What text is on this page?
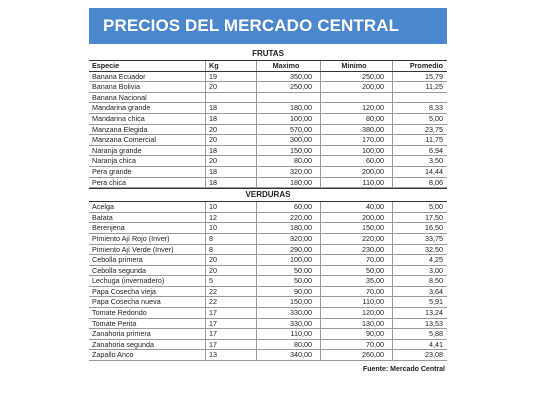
PRECIOS DEL MERCADO CENTRAL
FRUTAS
Especie	Kg	Maximo	Minimo	Promedio
Banana Ecuador	19	350,00	250,00	15,79
Banana Bolivia	20	250,00	200,00	11,25
Banana Nacional				
Mandarina grande	18	180,00	120,00	8,33
Mandarina chica	18	100,00	80,00	5,00
Manzana Elegida	20	570,00	380,00	23,75
Manzana Comercial	20	300,00	170,00	11,75
Naranja grande	18	150,00	100,00	6,94
Naranja chica	20	80,00	60,00	3,50
Pera grande	18	320,00	200,00	14,44
Pera chica	18	180,00	110,00	8,06
VERDURAS
Acelga	10	60,00	40,00	5,00
Batata	12	220,00	200,00	17,50
Berenjena	10	180,00	150,00	16,50
Pimiento Ají Rojo (Inver)	8	320,00	220,00	33,75
Pimiento Ají Verde (Inver)	8	290,00	230,00	32,50
Cebolla primera	20	100,00	70,00	4,25
Cebolla segunda	20	50,00	50,00	3,00
Lechuga (invernadero)	5	50,00	35,00	8,50
Papa Cosecha vieja	22	90,00	70,00	3,64
Papa Cosecha nueva	22	150,00	110,00	5,91
Tomate Redondo	17	330,00	120,00	13,24
Tomate Perita	17	330,00	130,00	13,53
Zanahoria primera	17	110,00	90,00	5,88
Zanahoria segunda	17	80,00	70,00	4,41
Zapallo Anco	13	340,00	260,00	23,08
Fuente: Mercado Central
